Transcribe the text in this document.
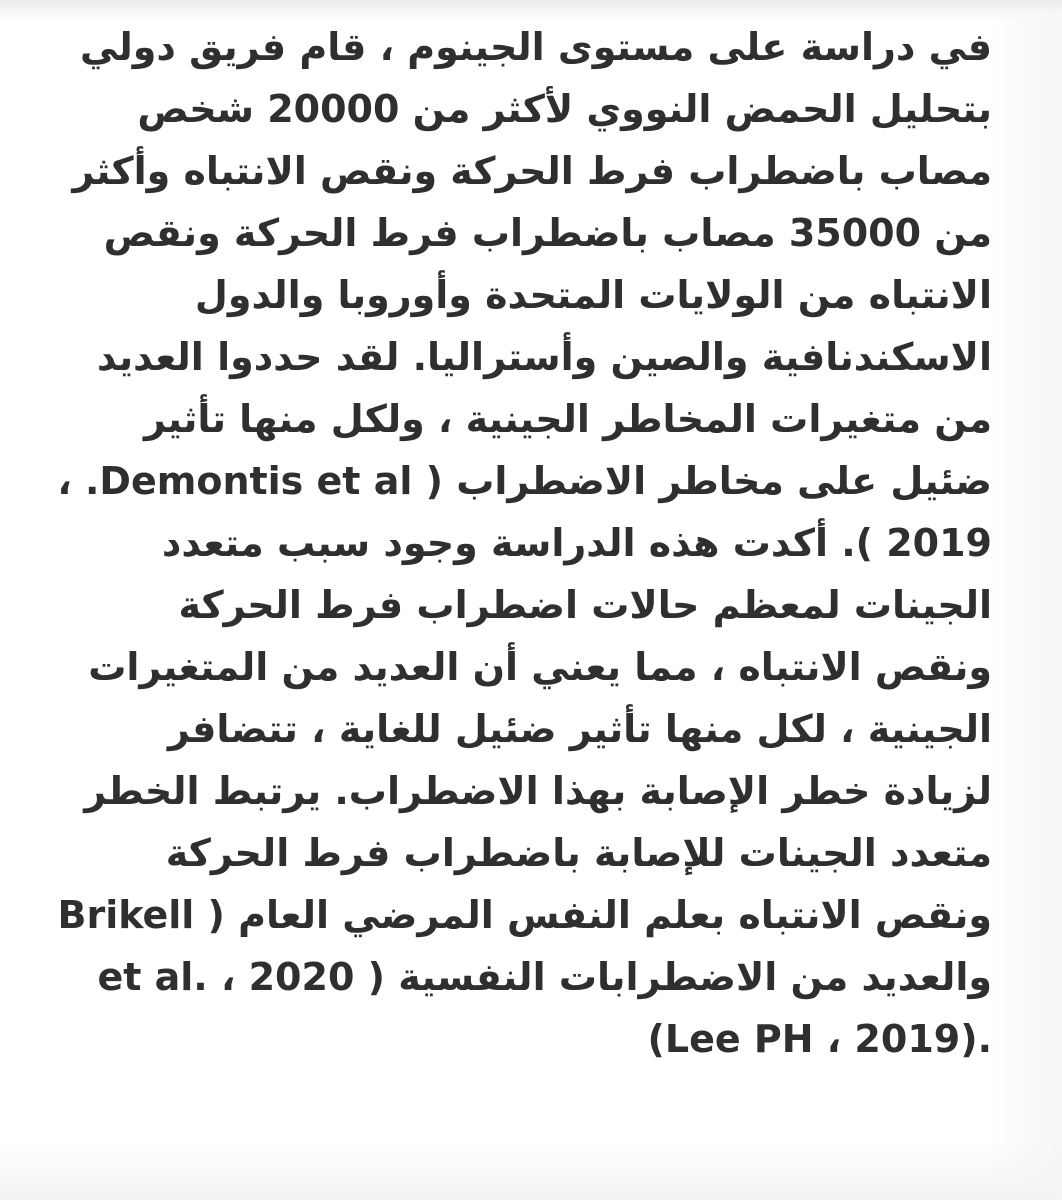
في دراسة على مستوى الجينوم ، قام فريق دولي
بتحليل الحمض النووي لأكثر من 20000 شخص
مصاب باضطراب فرط الحركة ونقص الانتباه وأكثر
من 35000 مصاب باضطراب فرط الحركة ونقص
الانتباه من الولايات المتحدة وأوروبا والدول
الاسكندنافية والصين وأستراليا. لقد حددوا العديد
من متغيرات المخاطر الجينية ، ولكل منها تأثير
ضئيل على مخاطر الاضطراب ( Demontis et al. ،
2019 ). أكدت هذه الدراسة وجود سبب متعدد
الجينات لمعظم حالات اضطراب فرط الحركة
ونقص الانتباه ، مما يعني أن العديد من المتغيرات
الجينية ، لكل منها تأثير ضئيل للغاية ، تتضافر
لزيادة خطر الإصابة بهذا الاضطراب. يرتبط الخطر
متعدد الجينات للإصابة باضطراب فرط الحركة
ونقص الانتباه بعلم النفس المرضي العام ( Brikell
et al. ، 2020 ) والعديد من الاضطرابات النفسية
(Lee PH ، 2019).
